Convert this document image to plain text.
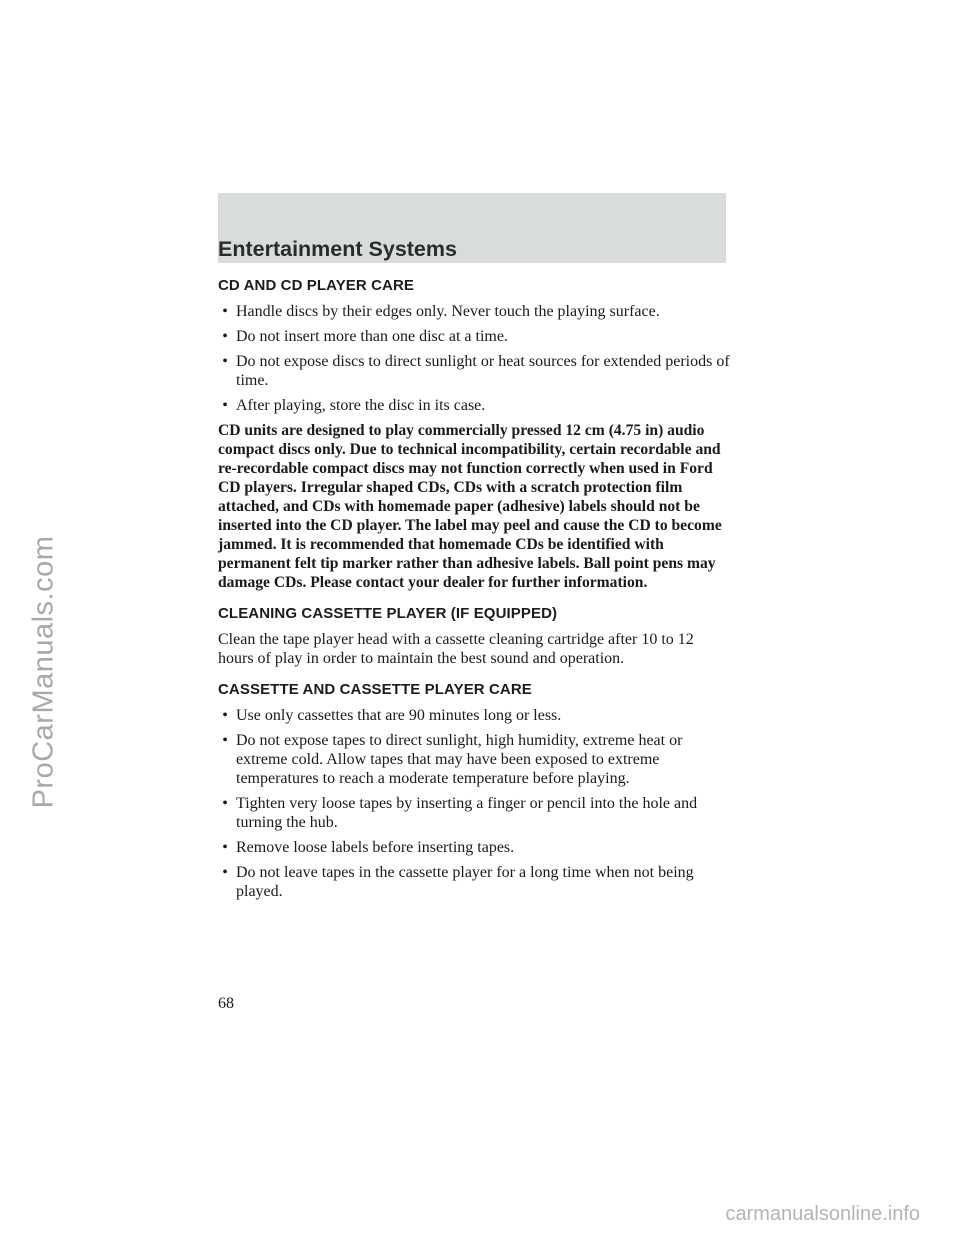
Entertainment Systems
CD AND CD PLAYER CARE
• Handle discs by their edges only. Never touch the playing surface.
• Do not insert more than one disc at a time.
• Do not expose discs to direct sunlight or heat sources for extended periods of time.
• After playing, store the disc in its case.

CD units are designed to play commercially pressed 12 cm (4.75 in) audio compact discs only. Due to technical incompatibility, certain recordable and re-recordable compact discs may not function correctly when used in Ford CD players. Irregular shaped CDs, CDs with a scratch protection film attached, and CDs with homemade paper (adhesive) labels should not be inserted into the CD player. The label may peel and cause the CD to become jammed. It is recommended that homemade CDs be identified with permanent felt tip marker rather than adhesive labels. Ball point pens may damage CDs. Please contact your dealer for further information.

CLEANING CASSETTE PLAYER (IF EQUIPPED)

Clean the tape player head with a cassette cleaning cartridge after 10 to 12 hours of play in order to maintain the best sound and operation.

CASSETTE AND CASSETTE PLAYER CARE
• Use only cassettes that are 90 minutes long or less.
• Do not expose tapes to direct sunlight, high humidity, extreme heat or extreme cold. Allow tapes that may have been exposed to extreme temperatures to reach a moderate temperature before playing.
• Tighten very loose tapes by inserting a finger or pencil into the hole and turning the hub.
• Remove loose labels before inserting tapes.
• Do not leave tapes in the cassette player for a long time when not being played.

68

ProCarManuals.com
carmanualsonline.info
